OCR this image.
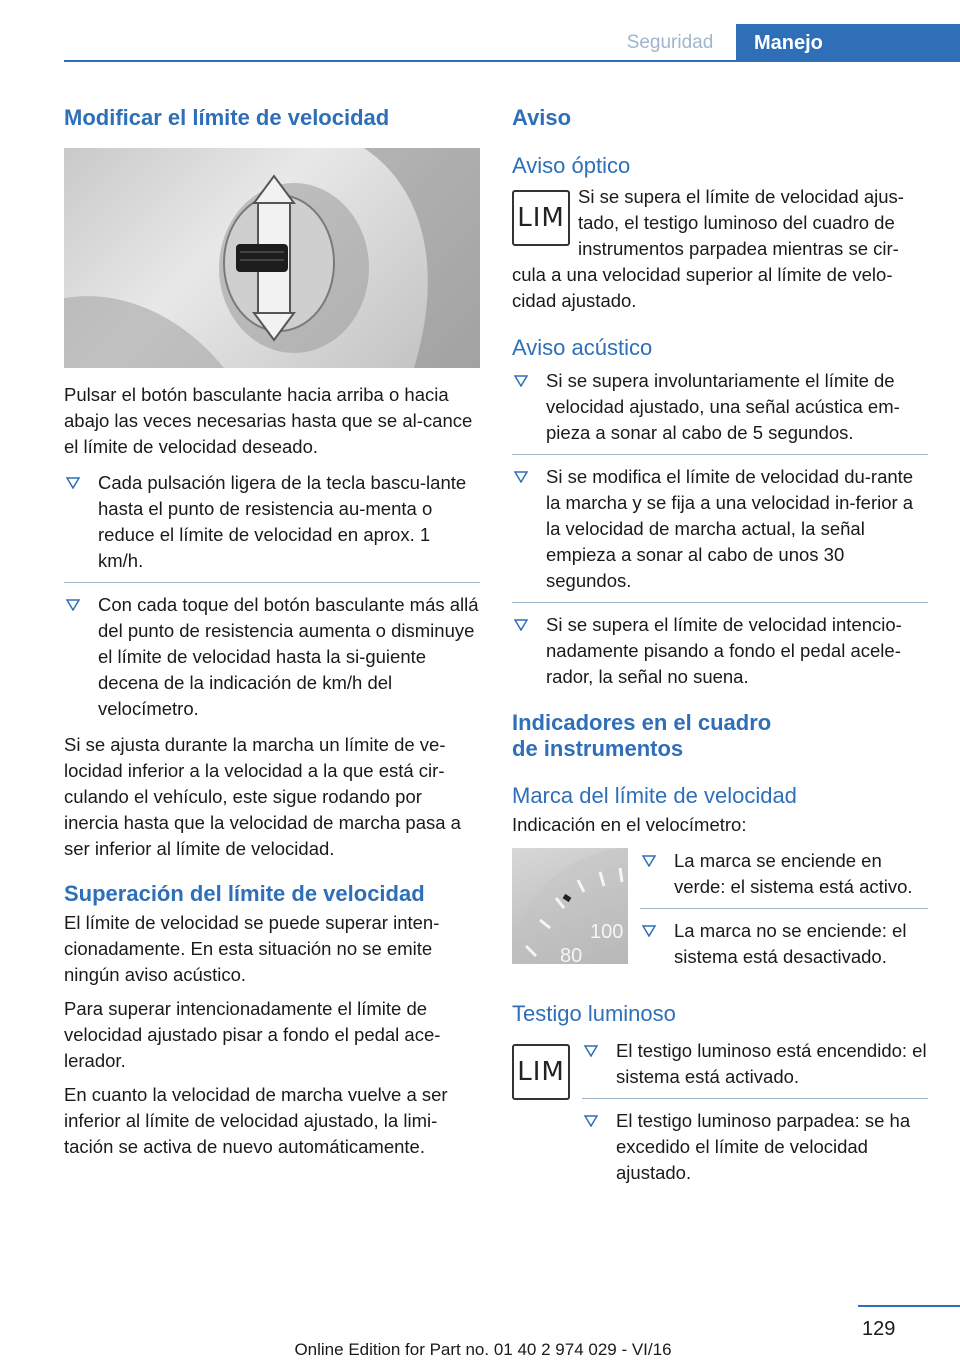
Seguridad	Manejo
Modificar el límite de velocidad

Pulsar el botón basculante hacia arriba o hacia abajo las veces necesarias hasta que se al-cance el límite de velocidad deseado.

Cada pulsación ligera de la tecla bascu-lante hasta el punto de resistencia au-menta o reduce el límite de velocidad en aprox. 1 km/h.
Con cada toque del botón basculante más allá del punto de resistencia aumenta o disminuye el límite de velocidad hasta la si-guiente decena de la indicación de km/h del velocímetro.

Si se ajusta durante la marcha un límite de ve-locidad inferior a la velocidad a la que está cir-culando el vehículo, este sigue rodando por inercia hasta que la velocidad de marcha pasa a ser inferior al límite de velocidad.

Superación del límite de velocidad

El límite de velocidad se puede superar inten-cionadamente. En esta situación no se emite ningún aviso acústico.

Para superar intencionadamente el límite de velocidad ajustado pisar a fondo el pedal ace-lerador.

En cuanto la velocidad de marcha vuelve a ser inferior al límite de velocidad ajustado, la limi-tación se activa de nuevo automáticamente.

Aviso
Aviso óptico
LIM

Si se supera el límite de velocidad ajus-tado, el testigo luminoso del cuadro de instrumentos parpadea mientras se cir-

cula a una velocidad superior al límite de velo-cidad ajustado.

Aviso acústico
Si se supera involuntariamente el límite de velocidad ajustado, una señal acústica em-pieza a sonar al cabo de 5 segundos.
Si se modifica el límite de velocidad du-rante la marcha y se fija a una velocidad in-ferior a la velocidad de marcha actual, la señal empieza a sonar al cabo de unos 30 segundos.
Si se supera el límite de velocidad intencio-nadamente pisando a fondo el pedal acele-rador, la señal no suena.
Indicadores en el cuadro
de instrumentos
Marca del límite de velocidad

Indicación en el velocímetro:

100
80
La marca se enciende en verde: el sistema está activo.
La marca no se enciende: el sistema está desactivado.
Testigo luminoso
LIM
El testigo luminoso está encendido: el sistema está activado.
El testigo luminoso parpadea: se ha excedido el límite de velocidad ajustado.
129
Online Edition for Part no. 01 40 2 974 029 - VI/16
